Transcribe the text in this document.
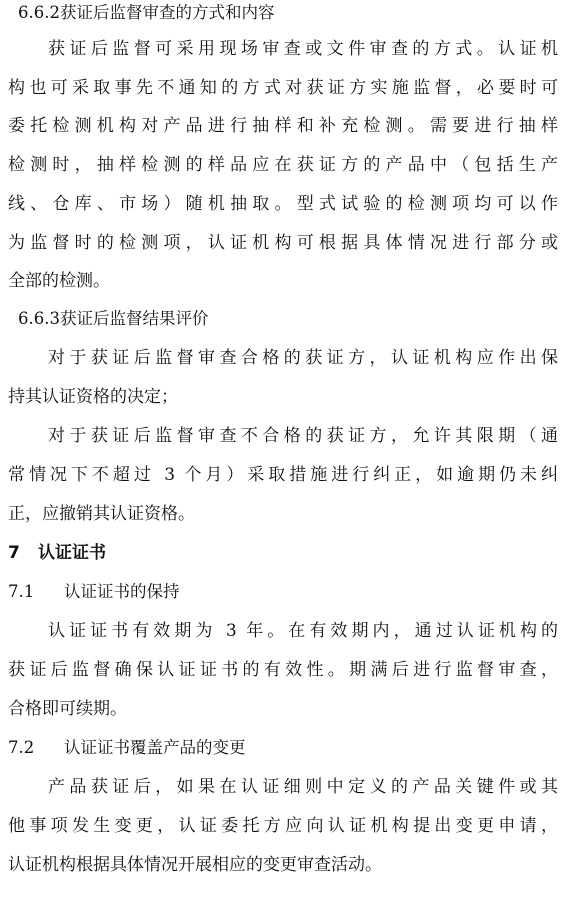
6.6.2获证后监督审查的方式和内容
获证后监督可采用现场审查或文件审查的方式。认证机
构也可采取事先不通知的方式对获证方实施监督，必要时可
委托检测机构对产品进行抽样和补充检测。需要进行抽样
检测时，抽样检测的样品应在获证方的产品中（包括生产
线、仓库、市场）随机抽取。型式试验的检测项均可以作
为监督时的检测项，认证机构可根据具体情况进行部分或
全部的检测。
6.6.3获证后监督结果评价
对于获证后监督审查合格的获证方，认证机构应作出保
持其认证资格的决定；
对于获证后监督审查不合格的获证方，允许其限期（通
常情况下不超过 3 个月）采取措施进行纠正，如逾期仍未纠
正，应撤销其认证资格。
7 认证证书
7.1 认证证书的保持
认证证书有效期为 3 年。在有效期内，通过认证机构的
获证后监督确保认证证书的有效性。期满后进行监督审查，
合格即可续期。
7.2 认证证书覆盖产品的变更
产品获证后，如果在认证细则中定义的产品关键件或其
他事项发生变更，认证委托方应向认证机构提出变更申请，
认证机构根据具体情况开展相应的变更审查活动。
